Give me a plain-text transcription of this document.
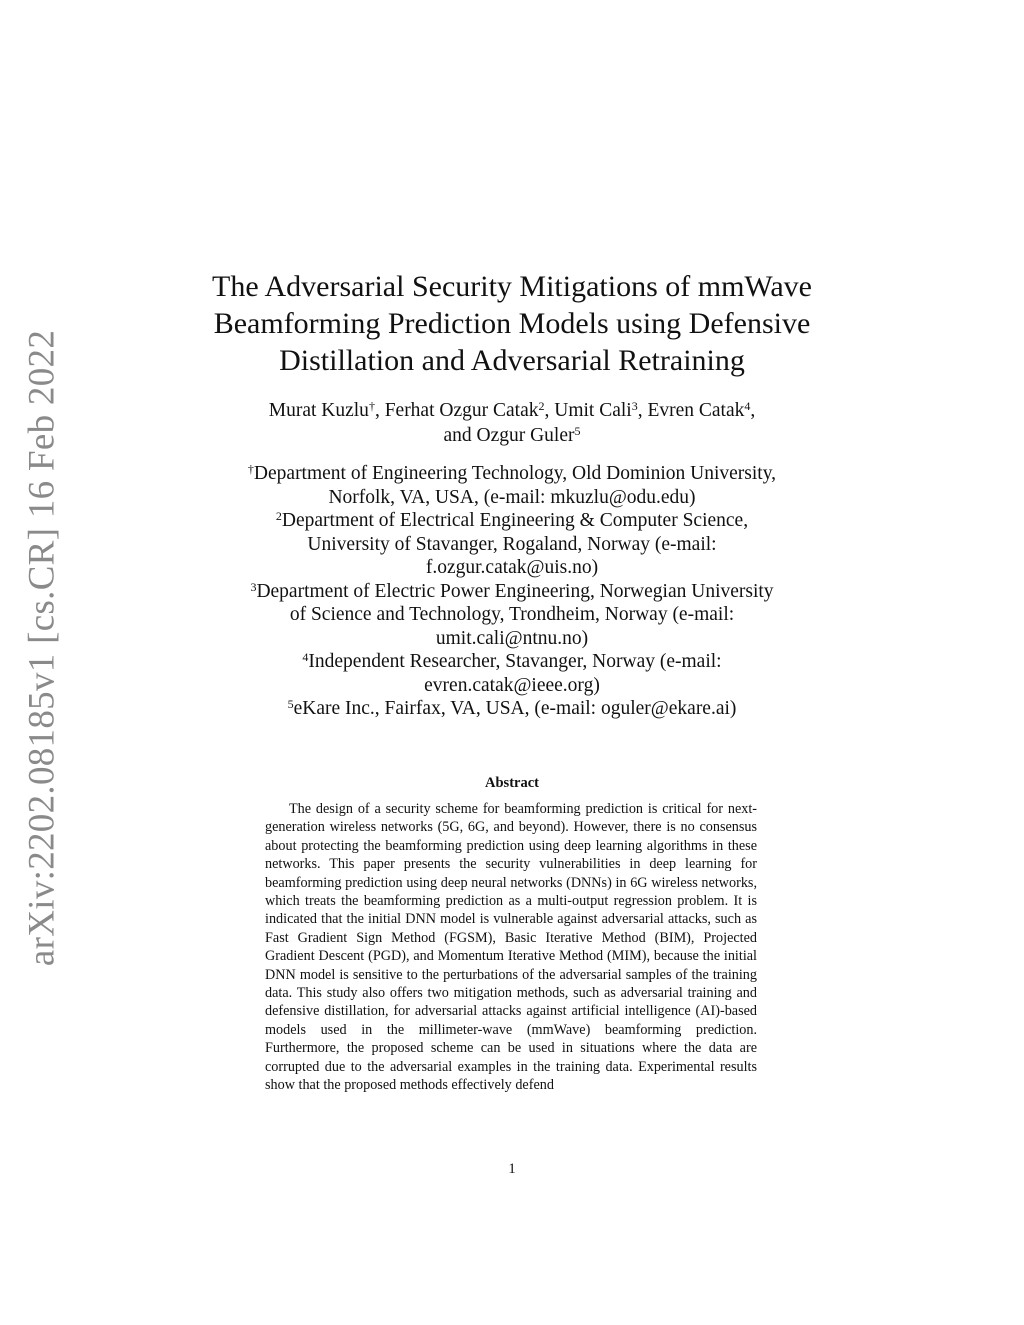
arXiv:2202.08185v1 [cs.CR] 16 Feb 2022
The Adversarial Security Mitigations of mmWave
Beamforming Prediction Models using Defensive
Distillation and Adversarial Retraining
Murat Kuzlu†, Ferhat Ozgur Catak$^2$, Umit Cali$^3$, Evren Catak$^4$,
and Ozgur Guler$^5$
†Department of Engineering Technology, Old Dominion University,
Norfolk, VA, USA, (e-mail: mkuzlu@odu.edu)
$^2$Department of Electrical Engineering & Computer Science,
University of Stavanger, Rogaland, Norway (e-mail:
f.ozgur.catak@uis.no)
$^3$Department of Electric Power Engineering, Norwegian University
of Science and Technology, Trondheim, Norway (e-mail:
umit.cali@ntnu.no)
$^4$Independent Researcher, Stavanger, Norway (e-mail:
evren.catak@ieee.org)
$^5$eKare Inc., Fairfax, VA, USA, (e-mail: oguler@ekare.ai)
Abstract
The design of a security scheme for beamforming prediction is critical for next-generation wireless networks (5G, 6G, and beyond). However, there is no consensus about protecting the beamforming prediction using deep learning algorithms in these networks. This paper presents the security vulnerabilities in deep learning for beamforming prediction using deep neural networks (DNNs) in 6G wireless networks, which treats the beamforming prediction as a multi-output regression problem. It is indicated that the initial DNN model is vulnerable against adversarial attacks, such as Fast Gradient Sign Method (FGSM), Basic Iterative Method (BIM), Projected Gradient Descent (PGD), and Momentum Iterative Method (MIM), because the initial DNN model is sensitive to the perturbations of the adversarial samples of the training data. This study also offers two mitigation methods, such as adversarial training and defensive distillation, for adversarial attacks against artificial intelligence (AI)-based models used in the millimeter-wave (mmWave) beamforming prediction. Furthermore, the proposed scheme can be used in situations where the data are corrupted due to the adversarial examples in the training data. Experimental results show that the proposed methods effectively defend
1
